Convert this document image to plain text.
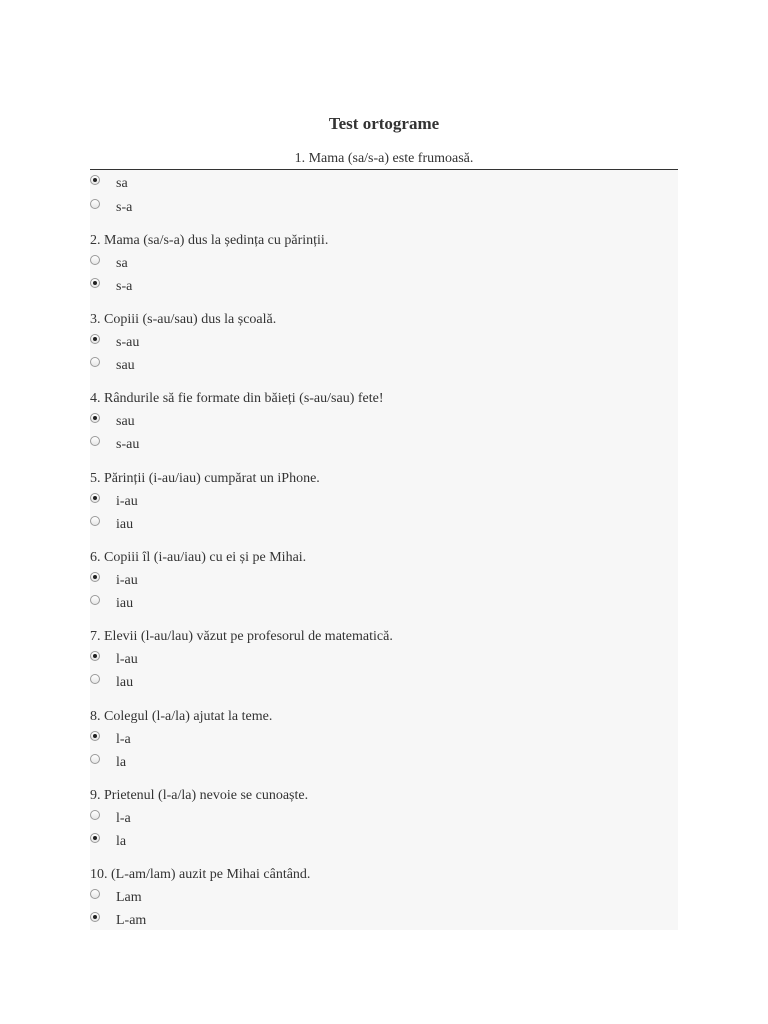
Test ortograme
1. Mama (sa/s-a) este frumoasă.
sa
s-a
2. Mama (sa/s-a) dus la ședința cu părinții.
sa
s-a
3. Copiii (s-au/sau) dus la școală.
s-au
sau
4. Rândurile să fie formate din băieți (s-au/sau) fete!
sau
s-au
5. Părinții (i-au/iau) cumpărat un iPhone.
i-au
iau
6. Copiii îl (i-au/iau) cu ei și pe Mihai.
i-au
iau
7. Elevii (l-au/lau) văzut pe profesorul de matematică.
l-au
lau
8. Colegul (l-a/la) ajutat la teme.
l-a
la
9. Prietenul (l-a/la) nevoie se cunoaște.
l-a
la
10. (L-am/lam) auzit pe Mihai cântând.
Lam
L-am
